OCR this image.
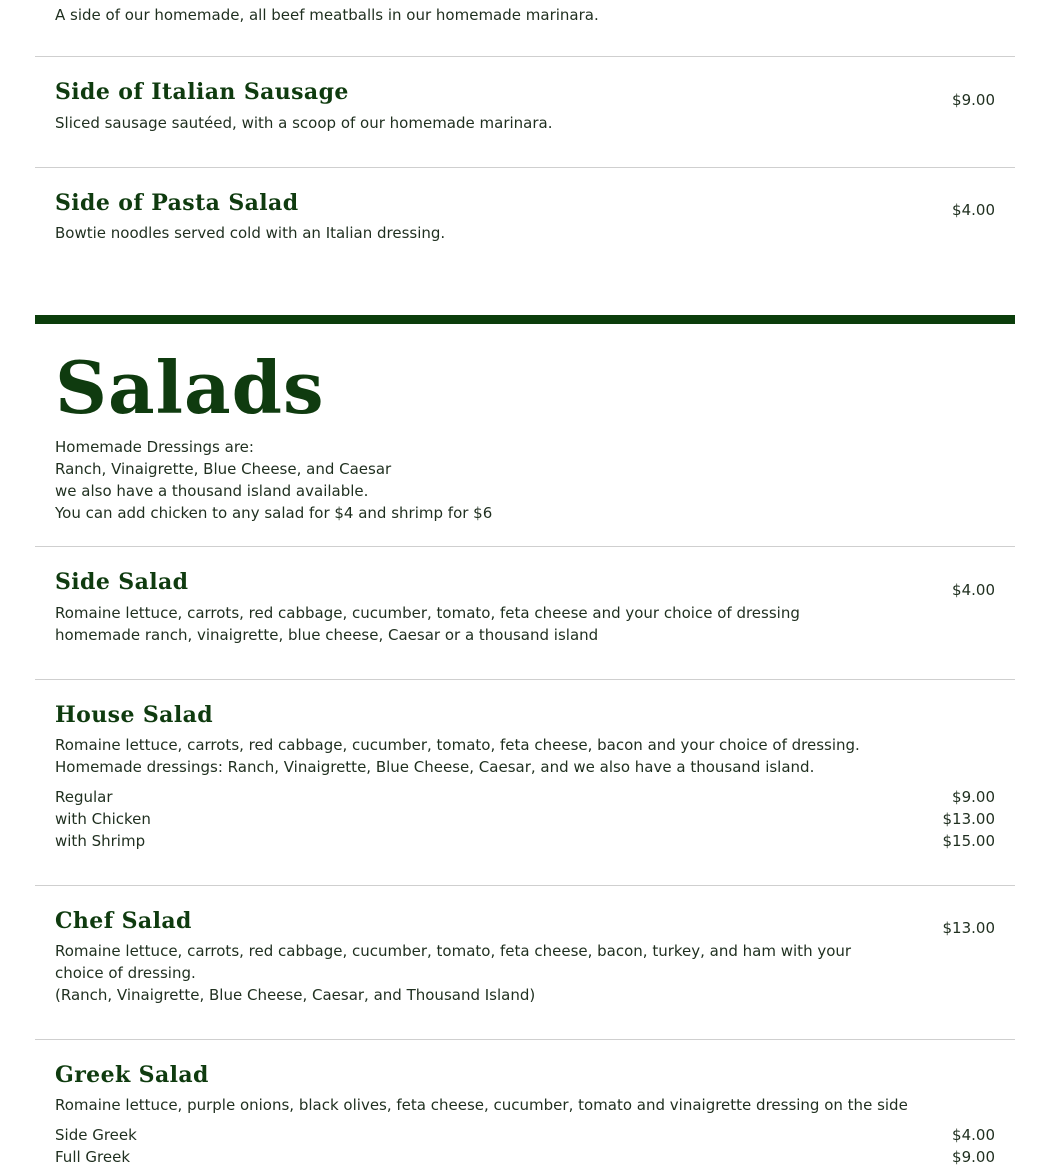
A side of our homemade, all beef meatballs in our homemade marinara.
Side of Italian Sausage
Sliced sausage sautéed, with a scoop of our homemade marinara.
$9.00
Side of Pasta Salad
Bowtie noodles served cold with an Italian dressing.
$4.00
Salads
Homemade Dressings are:
Ranch, Vinaigrette, Blue Cheese, and Caesar
we also have a thousand island available.
You can add chicken to any salad for $4 and shrimp for $6
Side Salad
Romaine lettuce, carrots, red cabbage, cucumber, tomato, feta cheese and your choice of dressing
homemade ranch, vinaigrette, blue cheese, Caesar or a thousand island
$4.00
House Salad
Romaine lettuce, carrots, red cabbage, cucumber, tomato, feta cheese, bacon and your choice of dressing.
Homemade dressings: Ranch, Vinaigrette, Blue Cheese, Caesar, and we also have a thousand island.
Regular	$9.00
with Chicken	$13.00
with Shrimp	$15.00
Chef Salad
Romaine lettuce, carrots, red cabbage, cucumber, tomato, feta cheese, bacon, turkey, and ham with your
choice of dressing.
(Ranch, Vinaigrette, Blue Cheese, Caesar, and Thousand Island)
$13.00
Greek Salad
Romaine lettuce, purple onions, black olives, feta cheese, cucumber, tomato and vinaigrette dressing on the side
Side Greek	$4.00
Full Greek	$9.00
